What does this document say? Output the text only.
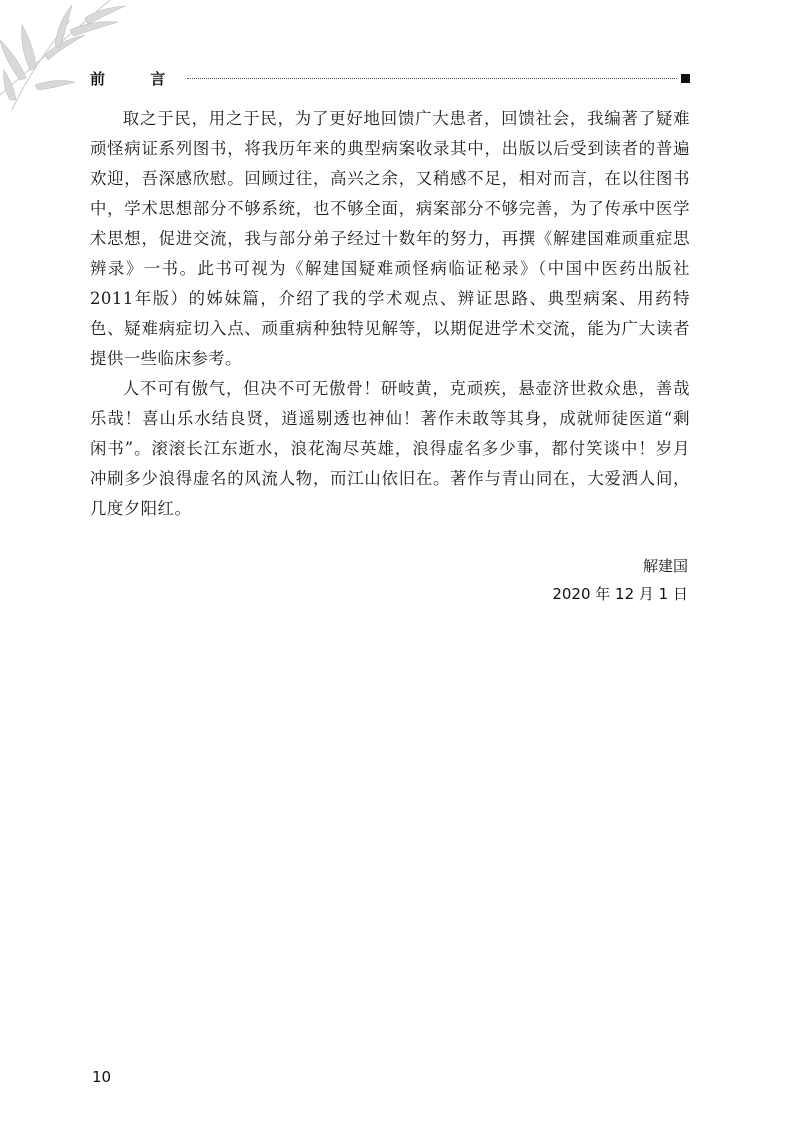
前 言

取之于民，用之于民，为了更好地回馈广大患者，回馈社会，我编著了疑难顽怪病证系列图书，将我历年来的典型病案收录其中，出版以后受到读者的普遍欢迎，吾深感欣慰。回顾过往，高兴之余，又稍感不足，相对而言，在以往图书中，学术思想部分不够系统，也不够全面，病案部分不够完善，为了传承中医学术思想，促进交流，我与部分弟子经过十数年的努力，再撰《解建国难顽重症思辨录》一书。此书可视为《解建国疑难顽怪病临证秘录》（中国中医药出版社2011年版）的姊妹篇，介绍了我的学术观点、辨证思路、典型病案、用药特色、疑难病症切入点、顽重病种独特见解等，以期促进学术交流，能为广大读者提供一些临床参考。

人不可有傲气，但决不可无傲骨！研岐黄，克顽疾，悬壶济世救众患，善哉乐哉！喜山乐水结良贤，逍遥剔透也神仙！著作未敢等其身，成就师徒医道“剩闲书”。滚滚长江东逝水，浪花淘尽英雄，浪得虚名多少事，都付笑谈中！岁月冲刷多少浪得虚名的风流人物，而江山依旧在。著作与青山同在，大爱洒人间，几度夕阳红。

解建国
2020 年 12 月 1 日
10
